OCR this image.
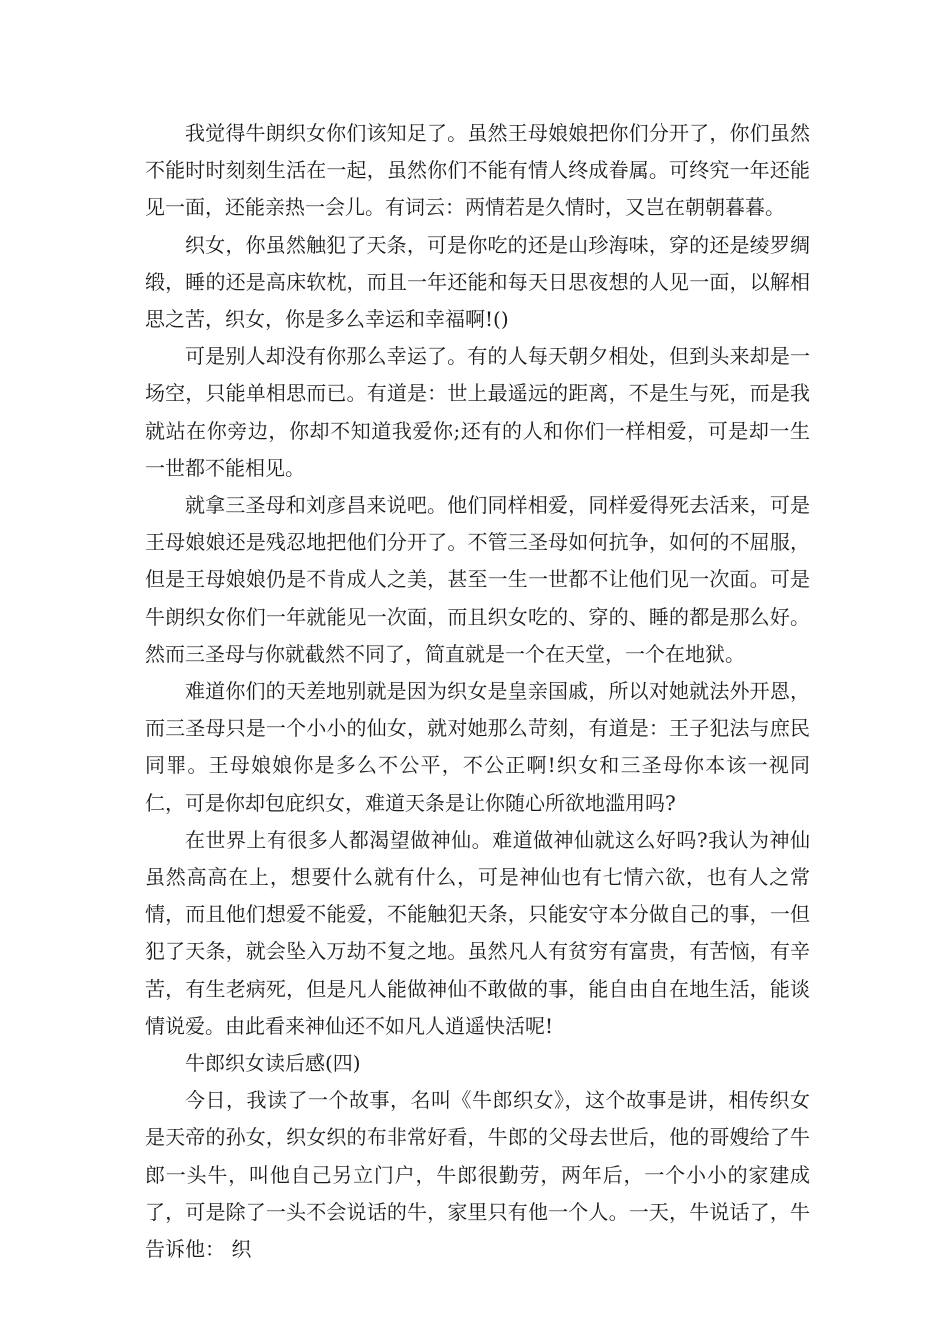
我觉得牛朗织女你们该知足了。虽然王母娘娘把你们分开了，你们虽然不能时时刻刻生活在一起，虽然你们不能有情人终成眷属。可终究一年还能见一面，还能亲热一会儿。有词云：两情若是久情时，又岂在朝朝暮暮。

织女，你虽然触犯了天条，可是你吃的还是山珍海味，穿的还是绫罗绸缎，睡的还是高床软枕，而且一年还能和每天日思夜想的人见一面，以解相思之苦，织女，你是多么幸运和幸福啊!()

可是别人却没有你那么幸运了。有的人每天朝夕相处，但到头来却是一场空，只能单相思而已。有道是：世上最遥远的距离，不是生与死，而是我就站在你旁边，你却不知道我爱你;还有的人和你们一样相爱，可是却一生一世都不能相见。

就拿三圣母和刘彦昌来说吧。他们同样相爱，同样爱得死去活来，可是王母娘娘还是残忍地把他们分开了。不管三圣母如何抗争，如何的不屈服，但是王母娘娘仍是不肯成人之美，甚至一生一世都不让他们见一次面。可是牛朗织女你们一年就能见一次面，而且织女吃的、穿的、睡的都是那么好。然而三圣母与你就截然不同了，简直就是一个在天堂，一个在地狱。

难道你们的天差地别就是因为织女是皇亲国戚，所以对她就法外开恩，而三圣母只是一个小小的仙女，就对她那么苛刻，有道是：王子犯法与庶民同罪。王母娘娘你是多么不公平，不公正啊!织女和三圣母你本该一视同仁，可是你却包庇织女，难道天条是让你随心所欲地滥用吗?

在世界上有很多人都渴望做神仙。难道做神仙就这么好吗?我认为神仙虽然高高在上，想要什么就有什么，可是神仙也有七情六欲，也有人之常情，而且他们想爱不能爱，不能触犯天条，只能安守本分做自己的事，一但犯了天条，就会坠入万劫不复之地。虽然凡人有贫穷有富贵，有苦恼，有辛苦，有生老病死，但是凡人能做神仙不敢做的事，能自由自在地生活，能谈情说爱。由此看来神仙还不如凡人逍遥快活呢!

牛郎织女读后感(四)

今日，我读了一个故事，名叫《牛郎织女》，这个故事是讲，相传织女是天帝的孙女，织女织的布非常好看，牛郎的父母去世后，他的哥嫂给了牛郎一头牛，叫他自己另立门户，牛郎很勤劳，两年后，一个小小的家建成了，可是除了一头不会说话的牛，家里只有他一个人。一天，牛说话了，牛告诉他： 织
